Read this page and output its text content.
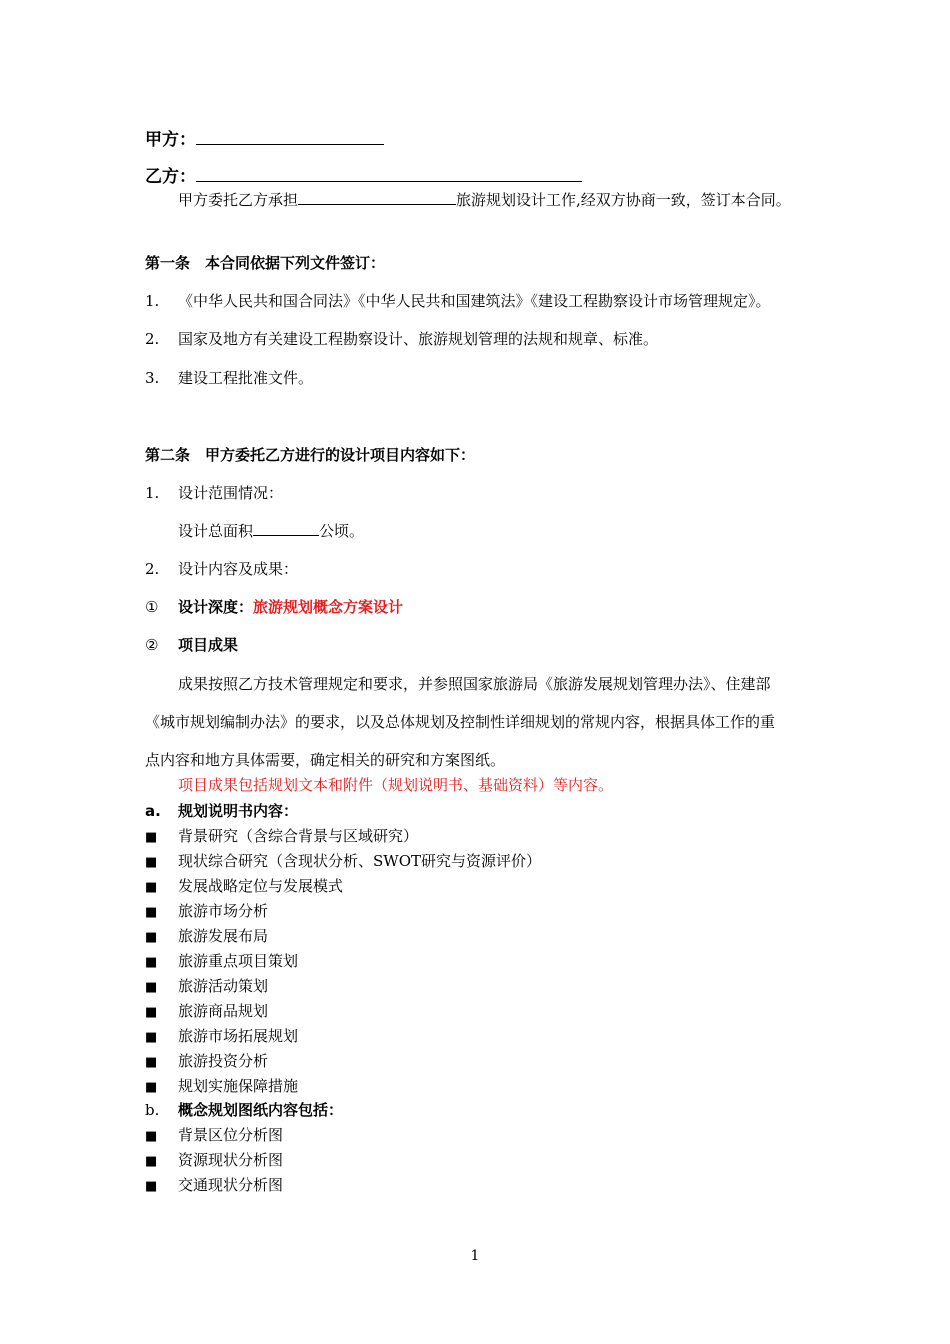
甲方：
乙方：
甲方委托乙方承担	旅游规划设计工作,经双方协商一致，签订本合同。
第一条　本合同依据下列文件签订：
1. 《中华人民共和国合同法》《中华人民共和国建筑法》《建设工程勘察设计市场管理规定》。
2. 国家及地方有关建设工程勘察设计、旅游规划管理的法规和规章、标准。
3. 建设工程批准文件。
第二条　甲方委托乙方进行的设计项目内容如下：
1. 设计范围情况：
设计总面积	公顷。
2. 设计内容及成果：
① 设计深度：旅游规划概念方案设计
② 项目成果
成果按照乙方技术管理规定和要求，并参照国家旅游局《旅游发展规划管理办法》、住建部
《城市规划编制办法》的要求，以及总体规划及控制性详细规划的常规内容，根据具体工作的重
点内容和地方具体需要，确定相关的研究和方案图纸。
项目成果包括规划文本和附件（规划说明书、基础资料）等内容。
a. 规划说明书内容：
■ 背景研究（含综合背景与区域研究）
■ 现状综合研究（含现状分析、SWOT研究与资源评价）
■ 发展战略定位与发展模式
■ 旅游市场分析
■ 旅游发展布局
■ 旅游重点项目策划
■ 旅游活动策划
■ 旅游商品规划
■ 旅游市场拓展规划
■ 旅游投资分析
■ 规划实施保障措施
b. 概念规划图纸内容包括：
■ 背景区位分析图
■ 资源现状分析图
■ 交通现状分析图
1
